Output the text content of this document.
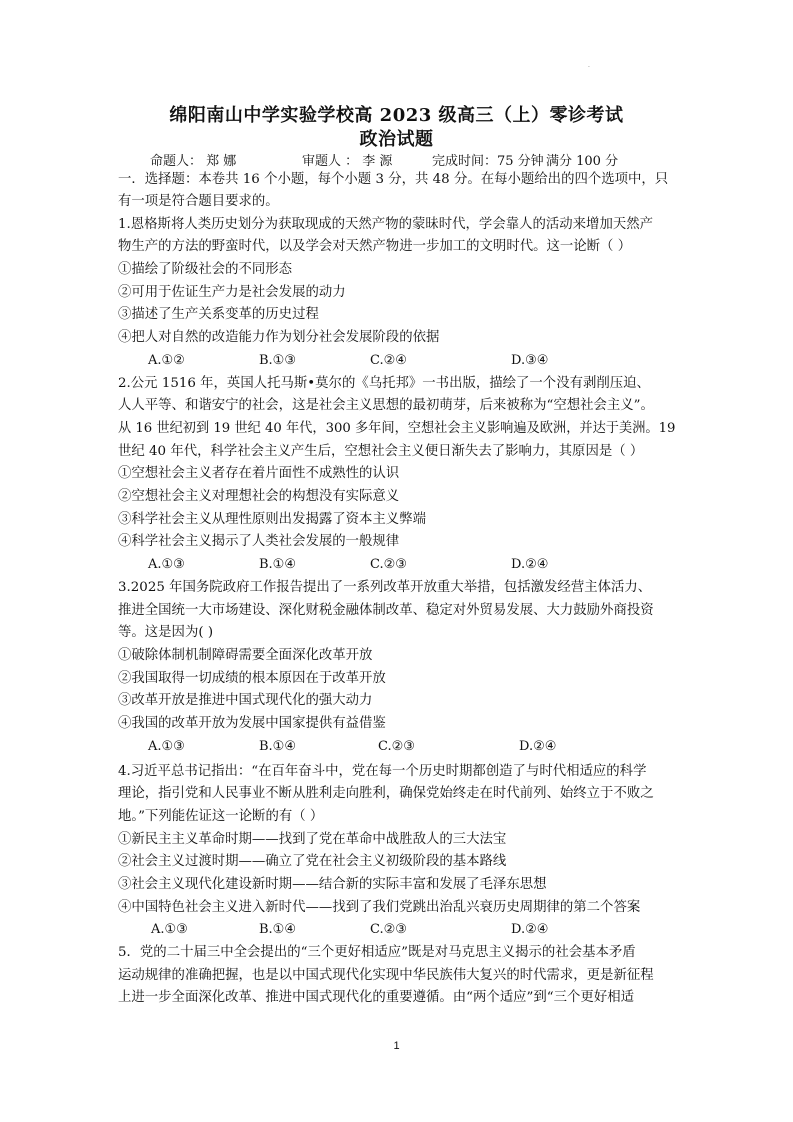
·
绵阳南山中学实验学校高 2023 级高三（上）零诊考试
政治试题
命题人： 郑 娜	审题人 ： 李 源	完成时间：75 分钟 满分 100 分
一．选择题：本卷共 16 个小题，每个小题 3 分，共 48 分。在每小题给出的四个选项中，只
有一项是符合题目要求的。
1.恩格斯将人类历史划分为获取现成的天然产物的蒙昧时代，学会靠人的活动来增加天然产
物生产的方法的野蛮时代，以及学会对天然产物进一步加工的文明时代。这一论断（ ）
①描绘了阶级社会的不同形态
②可用于佐证生产力是社会发展的动力
③描述了生产关系变革的历史过程
④把人对自然的改造能力作为划分社会发展阶段的依据
A.①②	B.①③	C.②④	D.③④
2.公元 1516 年，英国人托马斯•莫尔的《乌托邦》一书出版，描绘了一个没有剥削压迫、
人人平等、和谐安宁的社会，这是社会主义思想的最初萌芽，后来被称为“空想社会主义”。
从 16 世纪初到 19 世纪 40 年代，300 多年间，空想社会主义影响遍及欧洲，并达于美洲。19
世纪 40 年代，科学社会主义产生后，空想社会主义便日渐失去了影响力，其原因是（ ）
①空想社会主义者存在着片面性不成熟性的认识
②空想社会主义对理想社会的构想没有实际意义
③科学社会主义从理性原则出发揭露了资本主义弊端
④科学社会主义揭示了人类社会发展的一般规律
A.①③	B.①④	C.②③	D.②④
3.2025 年国务院政府工作报告提出了一系列改革开放重大举措，包括激发经营主体活力、
推进全国统一大市场建设、深化财税金融体制改革、稳定对外贸易发展、大力鼓励外商投资
等。这是因为( )
①破除体制机制障碍需要全面深化改革开放
②我国取得一切成绩的根本原因在于改革开放
③改革开放是推进中国式现代化的强大动力
④我国的改革开放为发展中国家提供有益借鉴
A.①③	B.①④	C.②③	D.②④
4.习近平总书记指出：“在百年奋斗中，党在每一个历史时期都创造了与时代相适应的科学
理论，指引党和人民事业不断从胜利走向胜利，确保党始终走在时代前列、始终立于不败之
地。”下列能佐证这一论断的有（ ）
①新民主主义革命时期——找到了党在革命中战胜敌人的三大法宝
②社会主义过渡时期——确立了党在社会主义初级阶段的基本路线
③社会主义现代化建设新时期——结合新的实际丰富和发展了毛泽东思想
④中国特色社会主义进入新时代——找到了我们党跳出治乱兴衰历史周期律的第二个答案
A.①③	B.①④	C.②③	D.②④
5．党的二十届三中全会提出的“三个更好相适应”既是对马克思主义揭示的社会基本矛盾
运动规律的准确把握，也是以中国式现代化实现中华民族伟大复兴的时代需求，更是新征程
上进一步全面深化改革、推进中国式现代化的重要遵循。由“两个适应”到“三个更好相适
1
